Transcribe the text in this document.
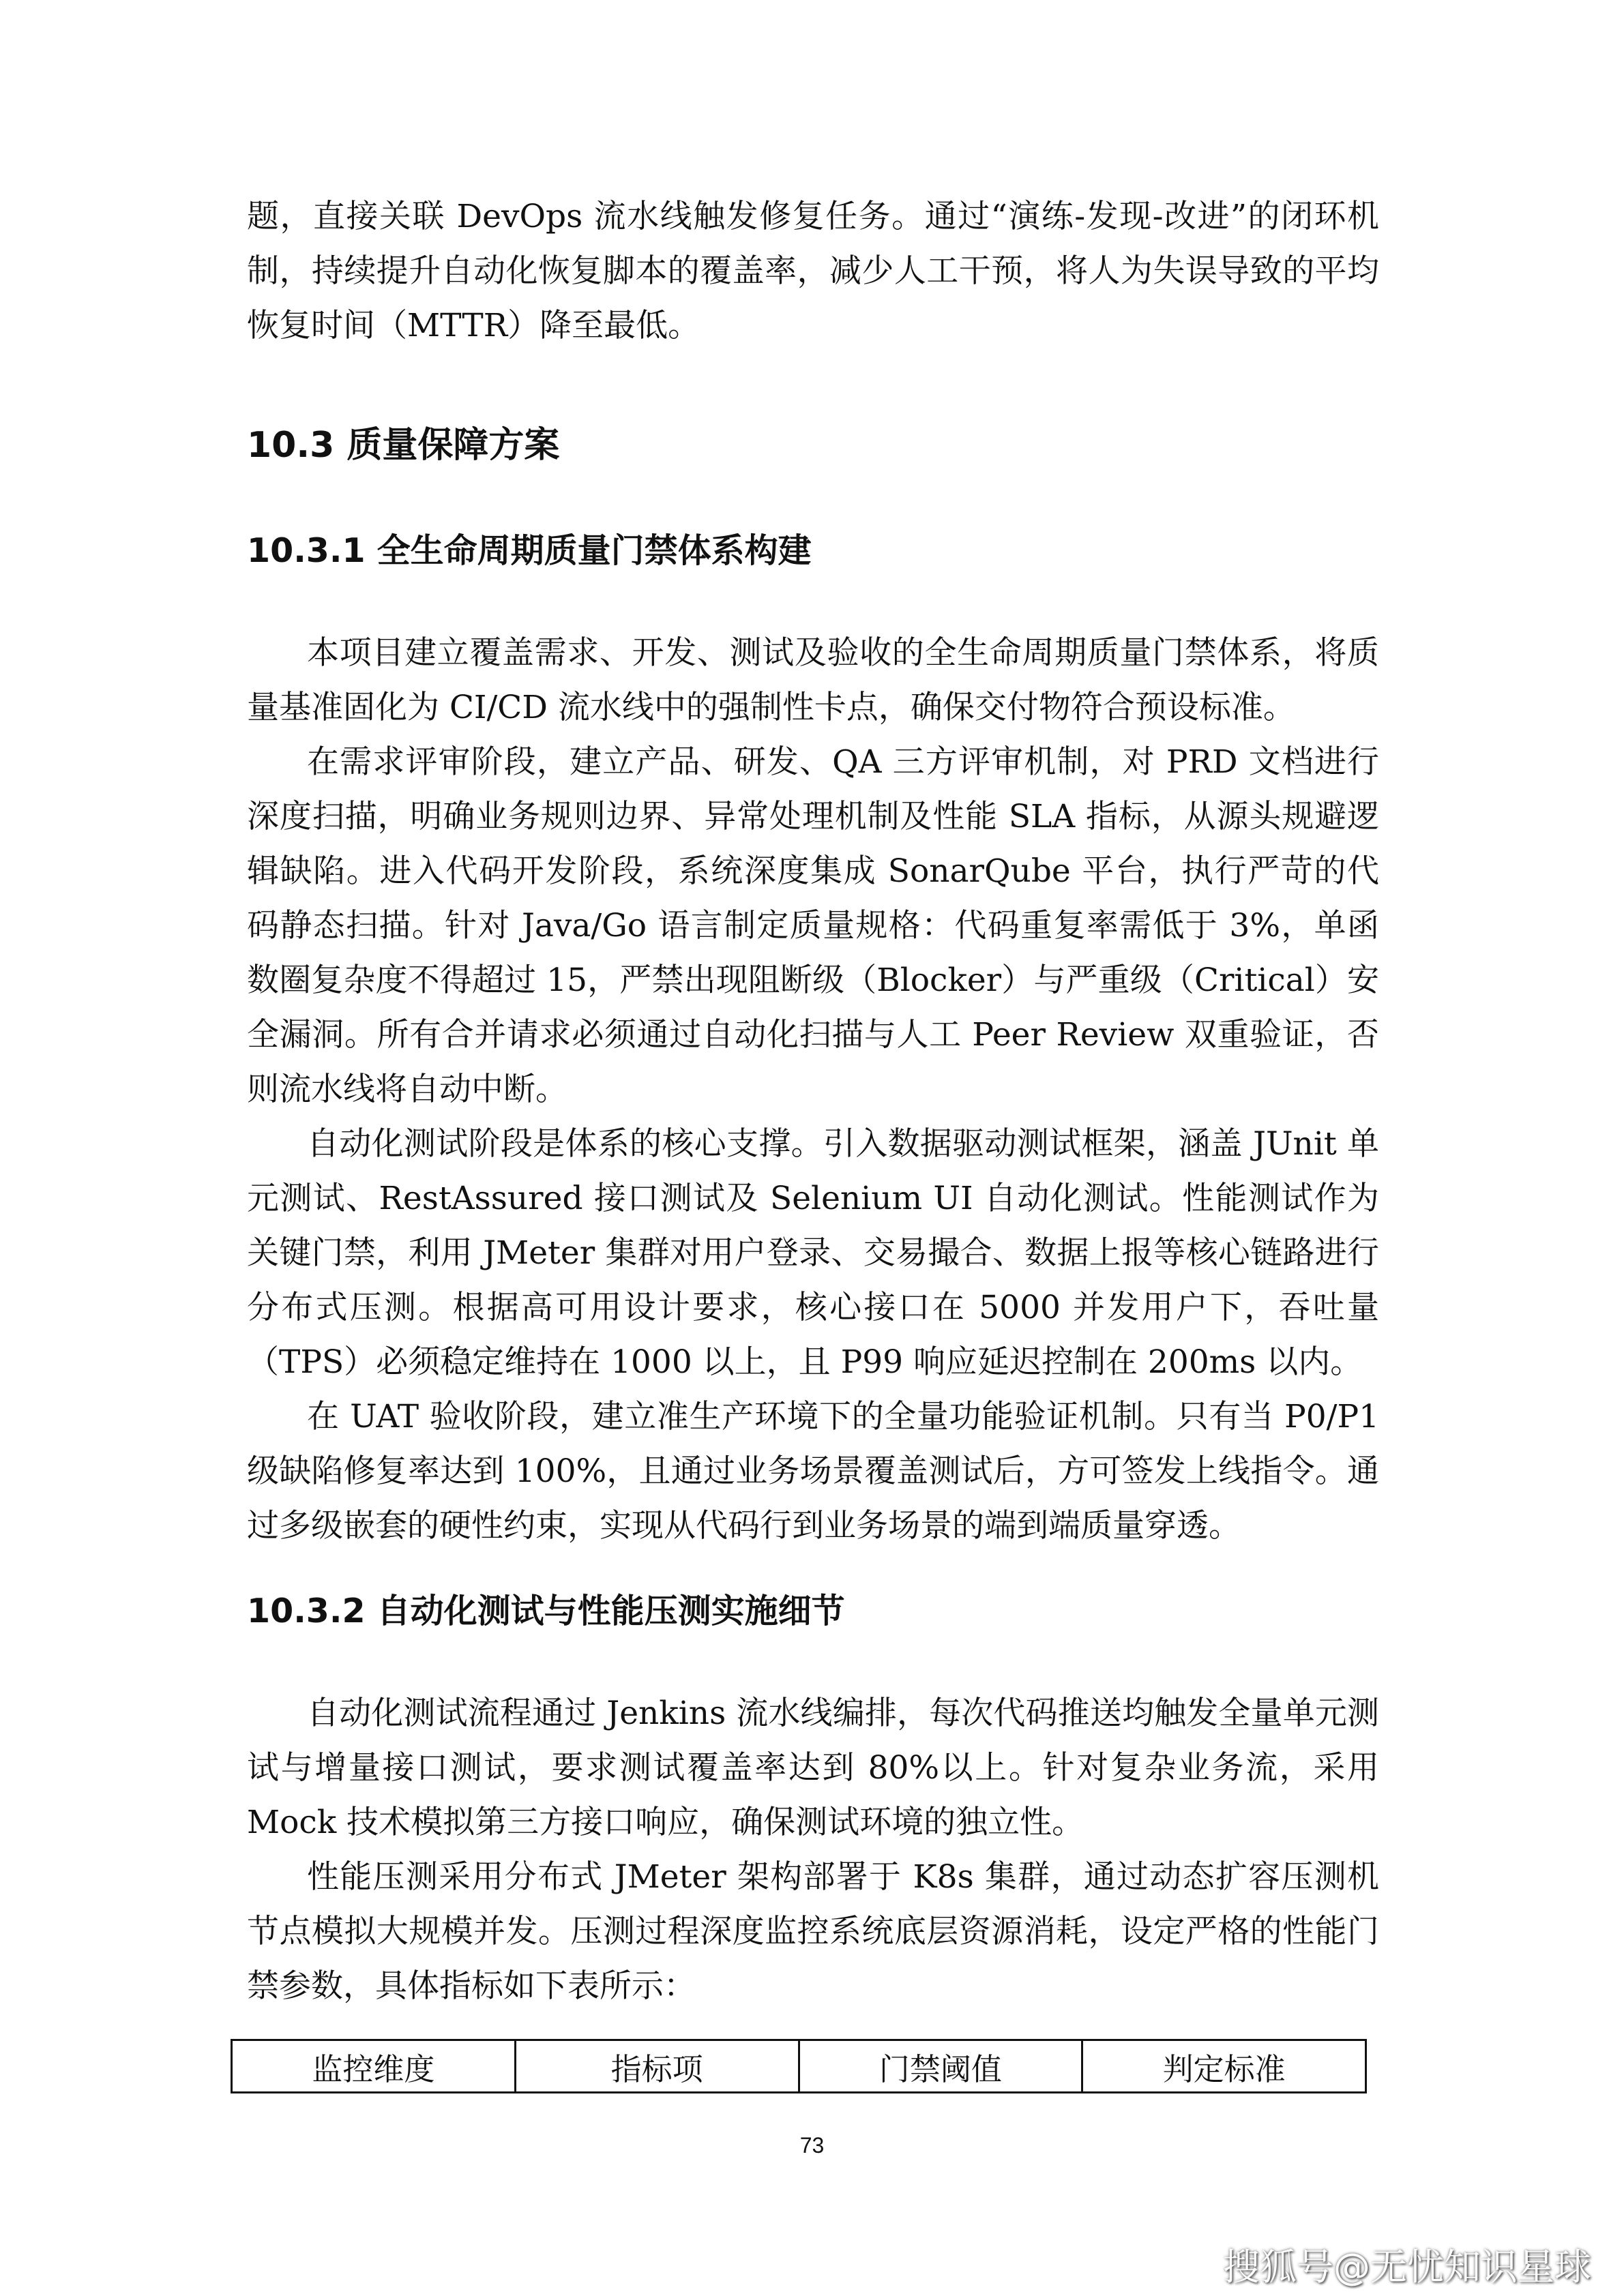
题，直接关联 DevOps 流水线触发修复任务。通过“演练-发现-改进”的闭环机制，持续提升自动化恢复脚本的覆盖率，减少人工干预，将人为失误导致的平均恢复时间（MTTR）降至最低。

10.3 质量保障方案
10.3.1 全生命周期质量门禁体系构建

本项目建立覆盖需求、开发、测试及验收的全生命周期质量门禁体系，将质量基准固化为 CI/CD 流水线中的强制性卡点，确保交付物符合预设标准。

在需求评审阶段，建立产品、研发、QA 三方评审机制，对 PRD 文档进行深度扫描，明确业务规则边界、异常处理机制及性能 SLA 指标，从源头规避逻辑缺陷。进入代码开发阶段，系统深度集成 SonarQube 平台，执行严苛的代码静态扫描。针对 Java/Go 语言制定质量规格：代码重复率需低于 3%，单函数圈复杂度不得超过 15，严禁出现阻断级（Blocker）与严重级（Critical）安全漏洞。所有合并请求必须通过自动化扫描与人工 Peer Review 双重验证，否则流水线将自动中断。

自动化测试阶段是体系的核心支撑。引入数据驱动测试框架，涵盖 JUnit 单元测试、RestAssured 接口测试及 Selenium UI 自动化测试。性能测试作为关键门禁，利用 JMeter 集群对用户登录、交易撮合、数据上报等核心链路进行分布式压测。根据高可用设计要求，核心接口在 5000 并发用户下，吞吐量（TPS）必须稳定维持在 1000 以上，且 P99 响应延迟控制在 200ms 以内。

在 UAT 验收阶段，建立准生产环境下的全量功能验证机制。只有当 P0/P1 级缺陷修复率达到 100%，且通过业务场景覆盖测试后，方可签发上线指令。通过多级嵌套的硬性约束，实现从代码行到业务场景的端到端质量穿透。

10.3.2 自动化测试与性能压测实施细节

自动化测试流程通过 Jenkins 流水线编排，每次代码推送均触发全量单元测试与增量接口测试，要求测试覆盖率达到 80%以上。针对复杂业务流，采用 Mock 技术模拟第三方接口响应，确保测试环境的独立性。

性能压测采用分布式 JMeter 架构部署于 K8s 集群，通过动态扩容压测机节点模拟大规模并发。压测过程深度监控系统底层资源消耗，设定严格的性能门禁参数，具体指标如下表所示：

监控维度	指标项	门禁阈值	判定标准
73
搜狐号@无忧知识星球
